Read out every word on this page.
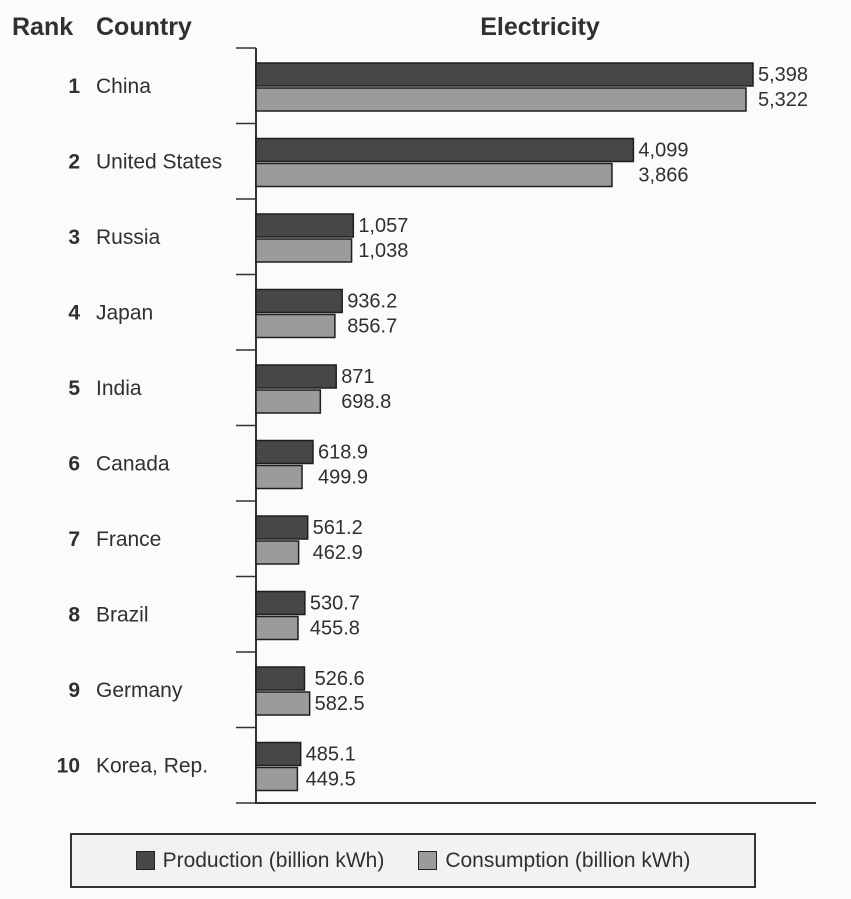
Rank Country	Electricity
1 China	5,398
5,322
2 United States	4,099
3,866
3 Russia	1,057
1,038
4 Japan	936.2
856.7
5 India	871
698.8
6 Canada	618.9
499.9
7 France	561.2
462.9
8 Brazil	530.7
455.8
9 Germany	526.6
582.5
10 Korea, Rep.	485.1
449.5
Production (billion kWh)	Consumption (billion kWh)
